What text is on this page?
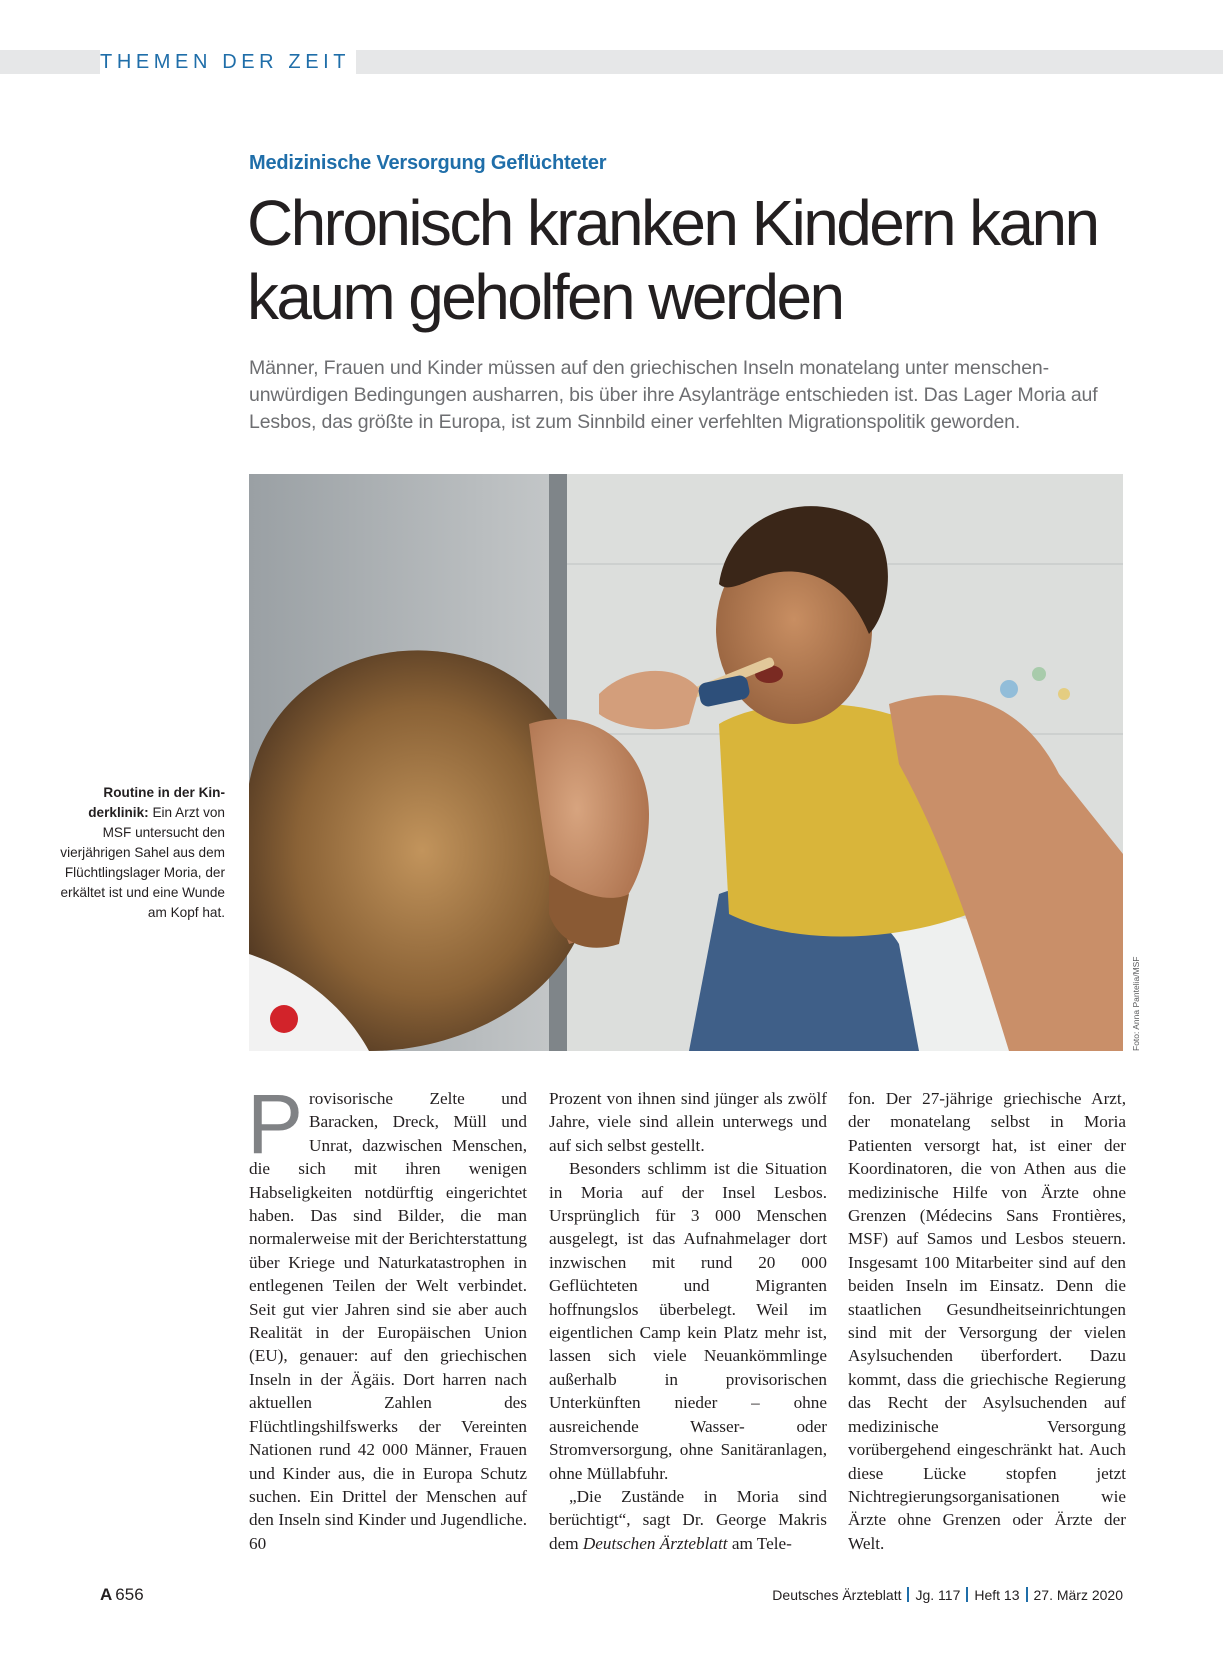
THEMEN DER ZEIT
Medizinische Versorgung Geflüchteter
Chronisch kranken Kindern kann kaum geholfen werden

Männer, Frauen und Kinder müssen auf den griechischen Inseln monatelang unter menschenunwürdigen Bedingungen ausharren, bis über ihre Asylanträge entschieden ist. Das Lager Moria auf Lesbos, das größte in Europa, ist zum Sinnbild einer verfehlten Migrationspolitik geworden.

Foto: Anna Pantelia/MSF
Routine in der Kinderklinik: Ein Arzt von MSF untersucht den vierjährigen Sahel aus dem Flüchtlingslager Moria, der erkältet ist und eine Wunde am Kopf hat.

Provisorische Zelte und Baracken, Dreck, Müll und Unrat, dazwischen Menschen, die sich mit ihren wenigen Habseligkeiten notdürftig eingerichtet haben. Das sind Bilder, die man normalerweise mit der Berichterstattung über Kriege und Naturkatastrophen in entlegenen Teilen der Welt verbindet. Seit gut vier Jahren sind sie aber auch Realität in der Europäischen Union (EU), genauer: auf den griechischen Inseln in der Ägäis. Dort harren nach aktuellen Zahlen des Flüchtlingshilfswerks der Vereinten Nationen rund 42 000 Männer, Frauen und Kinder aus, die in Europa Schutz suchen. Ein Drittel der Menschen auf den Inseln sind Kinder und Jugendliche. 60

Prozent von ihnen sind jünger als zwölf Jahre, viele sind allein unterwegs und auf sich selbst gestellt.

Besonders schlimm ist die Situation in Moria auf der Insel Lesbos. Ursprünglich für 3 000 Menschen ausgelegt, ist das Aufnahmelager dort inzwischen mit rund 20 000 Geflüchteten und Migranten hoffnungslos überbelegt. Weil im eigentlichen Camp kein Platz mehr ist, lassen sich viele Neuankömmlinge außerhalb in provisorischen Unterkünften nieder – ohne ausreichende Wasser- oder Stromversorgung, ohne Sanitäranlagen, ohne Müllabfuhr.

„Die Zustände in Moria sind berüchtigt“, sagt Dr. George Makris dem Deutschen Ärzteblatt am Tele-

fon. Der 27-jährige griechische Arzt, der monatelang selbst in Moria Patienten versorgt hat, ist einer der Koordinatoren, die von Athen aus die medizinische Hilfe von Ärzte ohne Grenzen (Médecins Sans Frontières, MSF) auf Samos und Lesbos steuern. Insgesamt 100 Mitarbeiter sind auf den beiden Inseln im Einsatz. Denn die staatlichen Gesundheitseinrichtungen sind mit der Versorgung der vielen Asylsuchenden überfordert. Dazu kommt, dass die griechische Regierung das Recht der Asylsuchenden auf medizinische Versorgung vorübergehend eingeschränkt hat. Auch diese Lücke stopfen jetzt Nichtregierungsorganisationen wie Ärzte ohne Grenzen oder Ärzte der Welt.

A 656	Deutsches Ärzteblatt Jg. 117 Heft 13 27. März 2020
